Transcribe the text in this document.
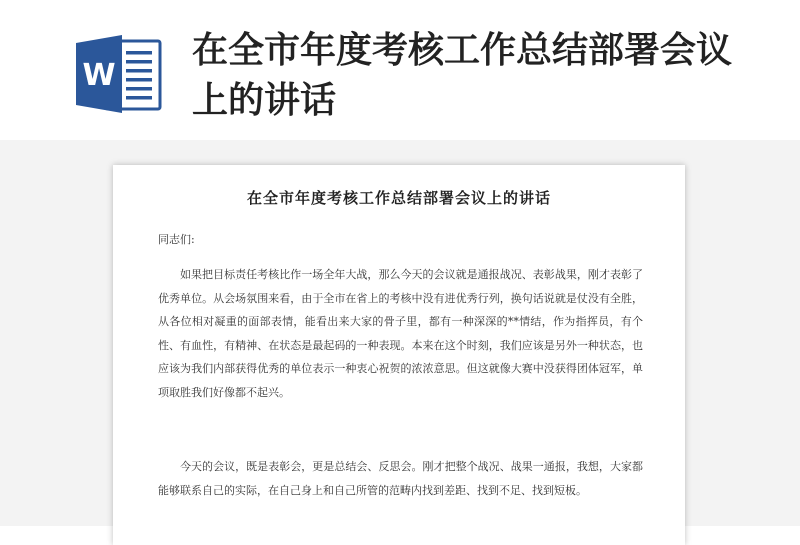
W
在全市年度考核工作总结部署会议上的讲话
在全市年度考核工作总结部署会议上的讲话
同志们:

如果把目标责任考核比作一场全年大战，那么今天的会议就是通报战况、表彰战果，刚才表彰了优秀单位。从会场氛围来看，由于全市在省上的考核中没有进优秀行列，换句话说就是仗没有全胜，从各位相对凝重的面部表情，能看出来大家的骨子里，都有一种深深的**情结，作为指挥员，有个性、有血性，有精神、在状态是最起码的一种表现。本来在这个时刻，我们应该是另外一种状态，也应该为我们内部获得优秀的单位表示一种衷心祝贺的浓浓意思。但这就像大赛中没获得团体冠军，单项取胜我们好像都不起兴。

今天的会议，既是表彰会，更是总结会、反思会。刚才把整个战况、战果一通报，我想，大家都能够联系自己的实际，在自己身上和自己所管的范畴内找到差距、找到不足、找到短板。
